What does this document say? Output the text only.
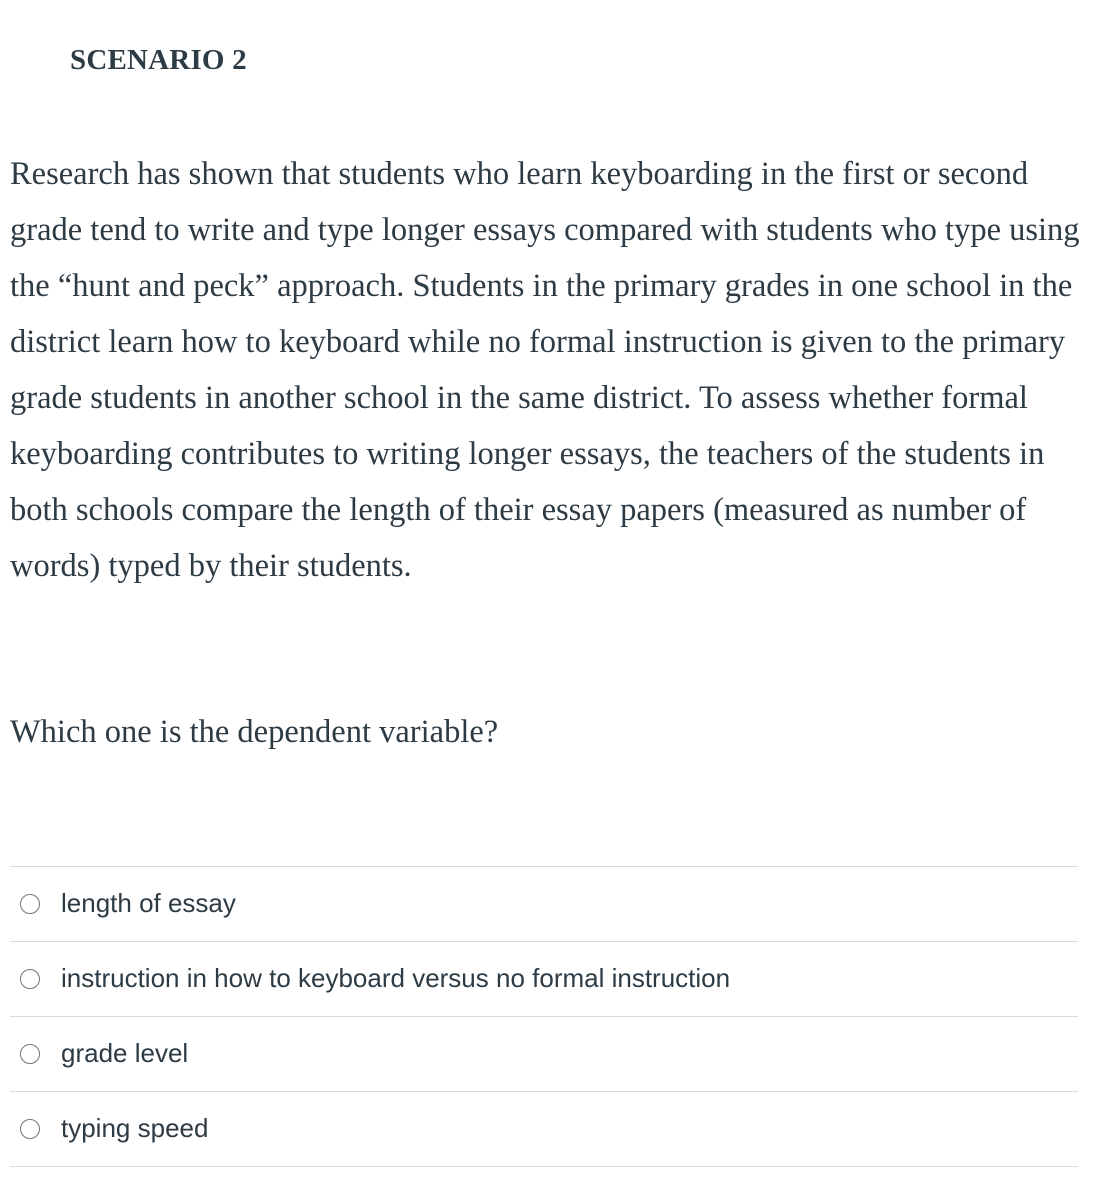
SCENARIO 2

Research has shown that students who learn keyboarding in the first or second grade tend to write and type longer essays compared with students who type using the “hunt and peck” approach. Students in the primary grades in one school in the district learn how to keyboard while no formal instruction is given to the primary grade students in another school in the same district. To assess whether formal keyboarding contributes to writing longer essays, the teachers of the students in both schools compare the length of their essay papers (measured as number of words) typed by their students.

Which one is the dependent variable?

length of essay
instruction in how to keyboard versus no formal instruction
grade level
typing speed
